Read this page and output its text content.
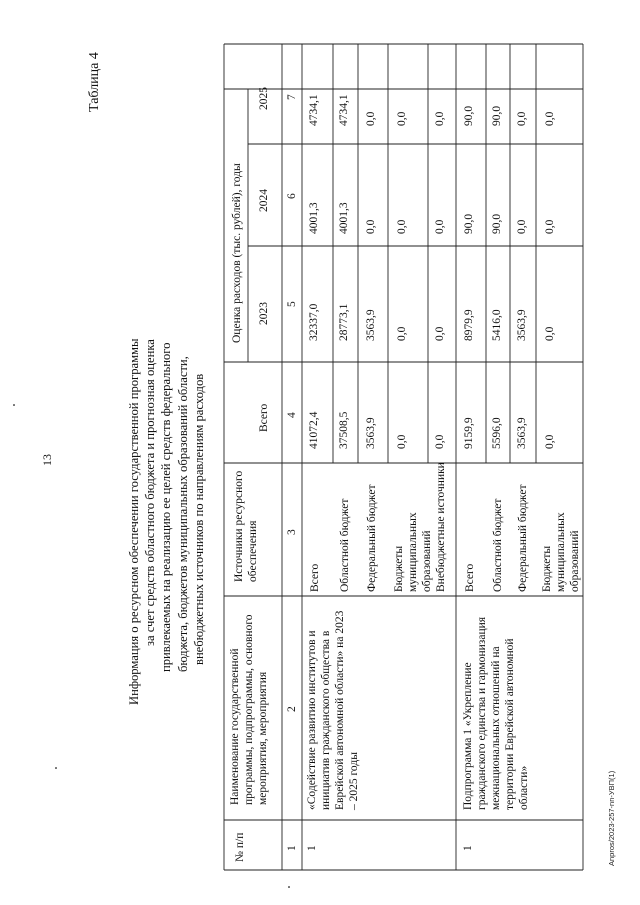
13
Таблица 4
Информация о ресурсном обеспечении государственной программы за счет средств областного бюджета и прогнозная оценка привлекаемых на реализацию ее целей средств федерального бюджета, бюджетов муниципальных образований области, внебюджетных источников по направлениям расходов
Anpros/2023-257-nn-УВП(1)
№ п/п
Наименование государственной программы, подпрограммы, основного мероприятия, мероприятия
Источники ресурсного обеспечения
Оценка расходов (тыс. рублей), годы
Всего
2023
2024
2025
1
2
3
4
5
6
7
1
«Содействие развитию институтов и инициатив гражданского общества в Еврейской автономной области» на 2023 – 2025 годы
Всего
41072,4
32337,0
4001,3
4734,1
Областной бюджет
37508,5
28773,1
4001,3
4734,1
Федеральный бюджет
3563,9
3563,9
0,0
0,0
Бюджеты муниципальных образований
0,0
0,0
0,0
0,0
Внебюджетные источники
0,0
0,0
0,0
0,0
1
Подпрограмма 1 «Укрепление гражданского единства и гармонизация межнациональных отношений на территории Еврейской автономной области»
Всего
9159,9
8979,9
90,0
90,0
Областной бюджет
5596,0
5416,0
90,0
90,0
Федеральный бюджет
3563,9
3563,9
0,0
0,0
Бюджеты муниципальных образований
0,0
0,0
0,0
0,0
